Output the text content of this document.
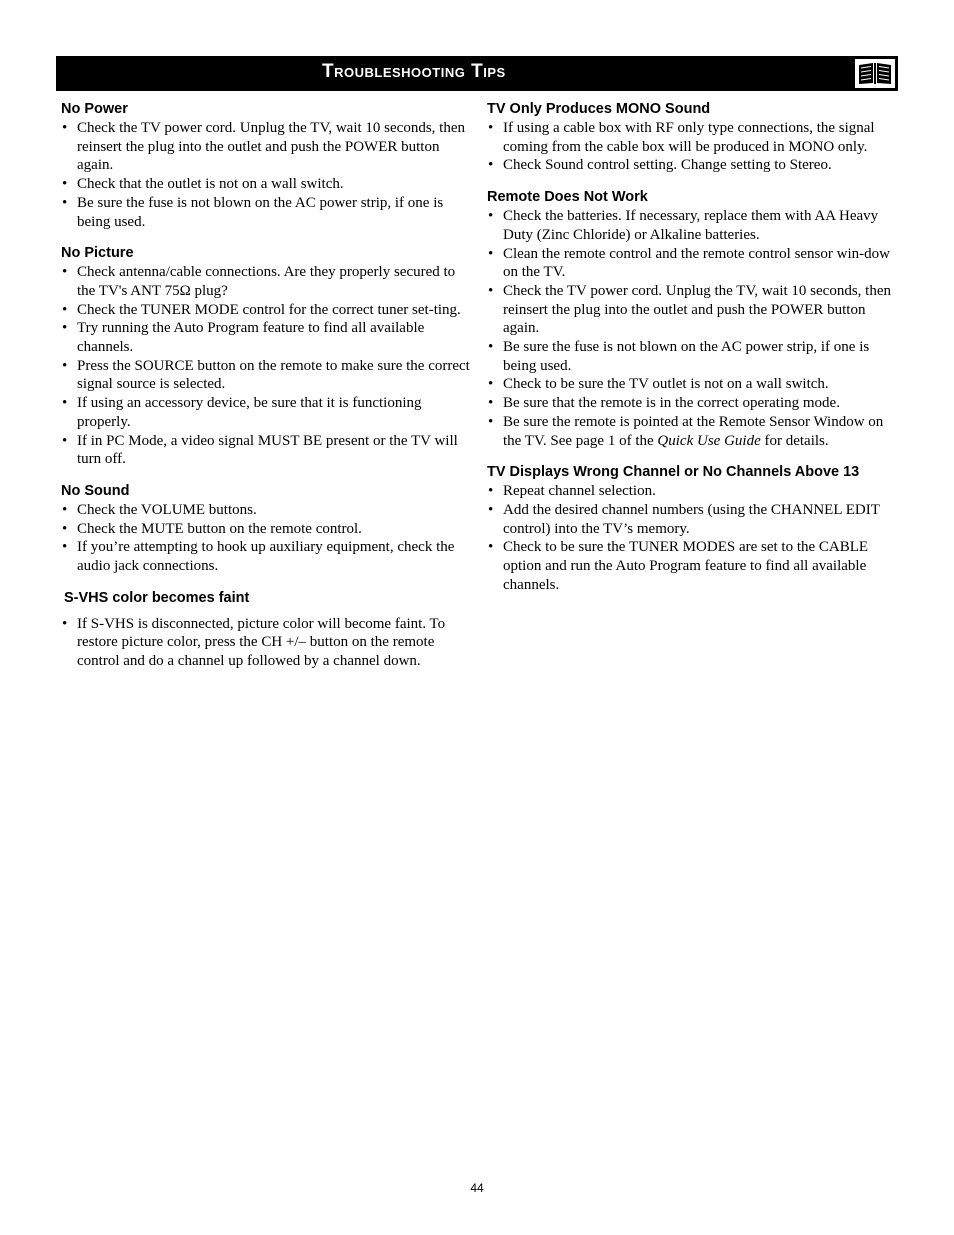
Troubleshooting Tips
No Power
• Check the TV power cord. Unplug the TV, wait 10 seconds, then reinsert the plug into the outlet and push the POWER button again.
• Check that the outlet is not on a wall switch.
• Be sure the fuse is not blown on the AC power strip, if one is being used.
No Picture
• Check antenna/cable connections. Are they properly secured to the TV's ANT 75Ω plug?
• Check the TUNER MODE control for the correct tuner set-ting.
• Try running the Auto Program feature to find all available channels.
• Press the SOURCE button on the remote to make sure the correct signal source is selected.
• If using an accessory device, be sure that it is functioning properly.
• If in PC Mode, a video signal MUST BE present or the TV will turn off.
No Sound
• Check the VOLUME buttons.
• Check the MUTE button on the remote control.
• If you’re attempting to hook up auxiliary equipment, check the audio jack connections.
S-VHS color becomes faint
• If S-VHS is disconnected, picture color will become faint. To restore picture color, press the CH +/– button on the remote control and do a channel up followed by a channel down.
TV Only Produces MONO Sound
• If using a cable box with RF only type connections, the signal coming from the cable box will be produced in MONO only.
• Check Sound control setting. Change setting to Stereo.
Remote Does Not Work
• Check the batteries. If necessary, replace them with AA Heavy Duty (Zinc Chloride) or Alkaline batteries.
• Clean the remote control and the remote control sensor win-dow on the TV.
• Check the TV power cord. Unplug the TV, wait 10 seconds, then reinsert the plug into the outlet and push the POWER button again.
• Be sure the fuse is not blown on the AC power strip, if one is being used.
• Check to be sure the TV outlet is not on a wall switch.
• Be sure that the remote is in the correct operating mode.
• Be sure the remote is pointed at the Remote Sensor Window on the TV. See page 1 of the Quick Use Guide for details.
TV Displays Wrong Channel or No Channels Above 13
• Repeat channel selection.
• Add the desired channel numbers (using the CHANNEL EDIT control) into the TV’s memory.
• Check to be sure the TUNER MODES are set to the CABLE option and run the Auto Program feature to find all available channels.
44
